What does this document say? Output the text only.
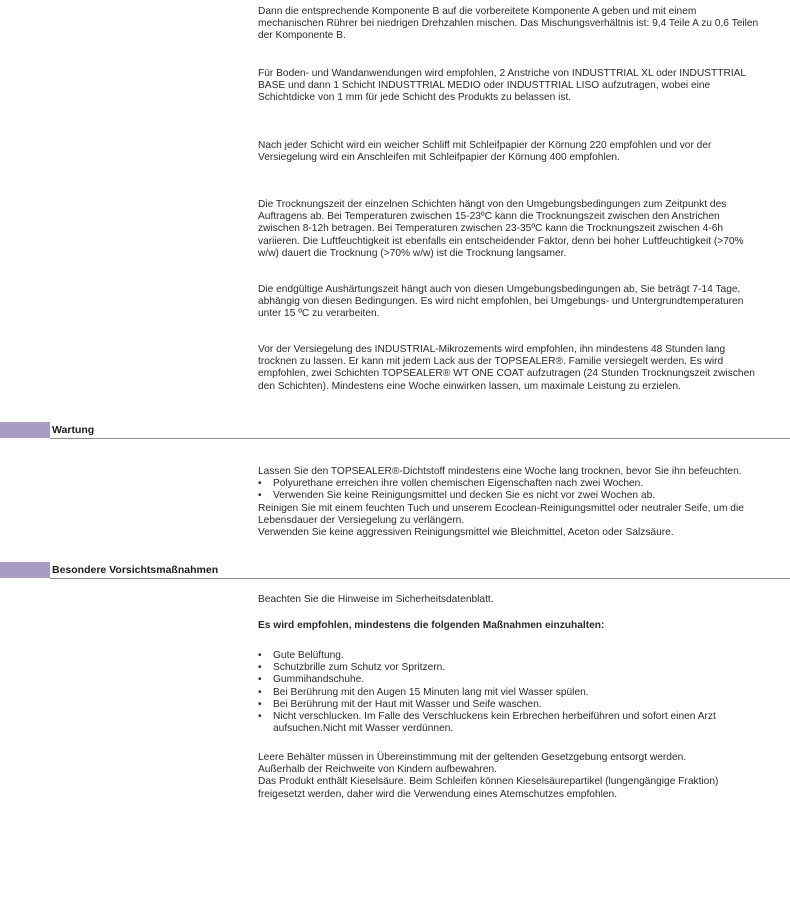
Dann die entsprechende Komponente B auf die vorbereitete Komponente A geben und mit einem mechanischen Rührer bei niedrigen Drehzahlen mischen. Das Mischungsverhältnis ist: 9,4 Teile A zu 0,6 Teilen der Komponente B.

Für Boden- und Wandanwendungen wird empfohlen, 2 Anstriche von INDUSTTRIAL XL oder INDUSTTRIAL BASE und dann 1 Schicht INDUSTTRIAL MEDIO oder INDUSTTRIAL LISO aufzutragen, wobei eine Schichtdicke von 1 mm für jede Schicht des Produkts zu belassen ist.

Nach jeder Schicht wird ein weicher Schliff mit Schleifpapier der Körnung 220 empfohlen und vor der Versiegelung wird ein Anschleifen mit Schleifpapier der Körnung 400 empfohlen.

Die Trocknungszeit der einzelnen Schichten hängt von den Umgebungsbedingungen zum Zeitpunkt des Auftragens ab. Bei Temperaturen zwischen 15-23ºC kann die Trocknungszeit zwischen den Anstrichen zwischen 8-12h betragen. Bei Temperaturen zwischen 23-35ºC kann die Trocknungszeit zwischen 4-6h variieren. Die Luftfeuchtigkeit ist ebenfalls ein entscheidender Faktor, denn bei hoher Luftfeuchtigkeit (>70% w/w) dauert die Trocknung (>70% w/w) ist die Trocknung langsamer.

Die endgültige Aushärtungszeit hängt auch von diesen Umgebungsbedingungen ab, Sie beträgt 7-14 Tage, abhängig von diesen Bedingungen. Es wird nicht empfohlen, bei Umgebungs- und Untergrundtemperaturen unter 15 ºC zu verarbeiten.

Vor der Versiegelung des INDUSTRIAL-Mikrozements wird empfohlen, ihn mindestens 48 Stunden lang trocknen zu lassen. Er kann mit jedem Lack aus der TOPSEALER®. Familie versiegelt werden. Es wird empfohlen, zwei Schichten TOPSEALER® WT ONE COAT aufzutragen (24 Stunden Trocknungszeit zwischen den Schichten). Mindestens eine Woche einwirken lassen, um maximale Leistung zu erzielen.

Wartung

Lassen Sie den TOPSEALER®-Dichtstoff mindestens eine Woche lang trocknen, bevor Sie ihn befeuchten.

• Polyurethane erreichen ihre vollen chemischen Eigenschaften nach zwei Wochen.

• Verwenden Sie keine Reinigungsmittel und decken Sie es nicht vor zwei Wochen ab.

Reinigen Sie mit einem feuchten Tuch und unserem Ecoclean-Reinigungsmittel oder neutraler Seife, um die Lebensdauer der Versiegelung zu verlängern.

Verwenden Sie keine aggressiven Reinigungsmittel wie Bleichmittel, Aceton oder Salzsäure.

Besondere Vorsichtsmaßnahmen

Beachten Sie die Hinweise im Sicherheitsdatenblatt.

Es wird empfohlen, mindestens die folgenden Maßnahmen einzuhalten:

• Gute Belüftung.

• Schutzbrille zum Schutz vor Spritzern.

• Gummihandschuhe.

• Bei Berührung mit den Augen 15 Minuten lang mit viel Wasser spülen.

• Bei Berührung mit der Haut mit Wasser und Seife waschen.

• Nicht verschlucken. Im Falle des Verschluckens kein Erbrechen herbeiführen und sofort einen Arzt aufsuchen.Nicht mit Wasser verdünnen.

Leere Behälter müssen in Übereinstimmung mit der geltenden Gesetzgebung entsorgt werden.

Außerhalb der Reichweite von Kindern aufbewahren.

Das Produkt enthält Kieselsäure. Beim Schleifen können Kieselsäurepartikel (lungengängige Fraktion) freigesetzt werden, daher wird die Verwendung eines Atemschutzes empfohlen.
